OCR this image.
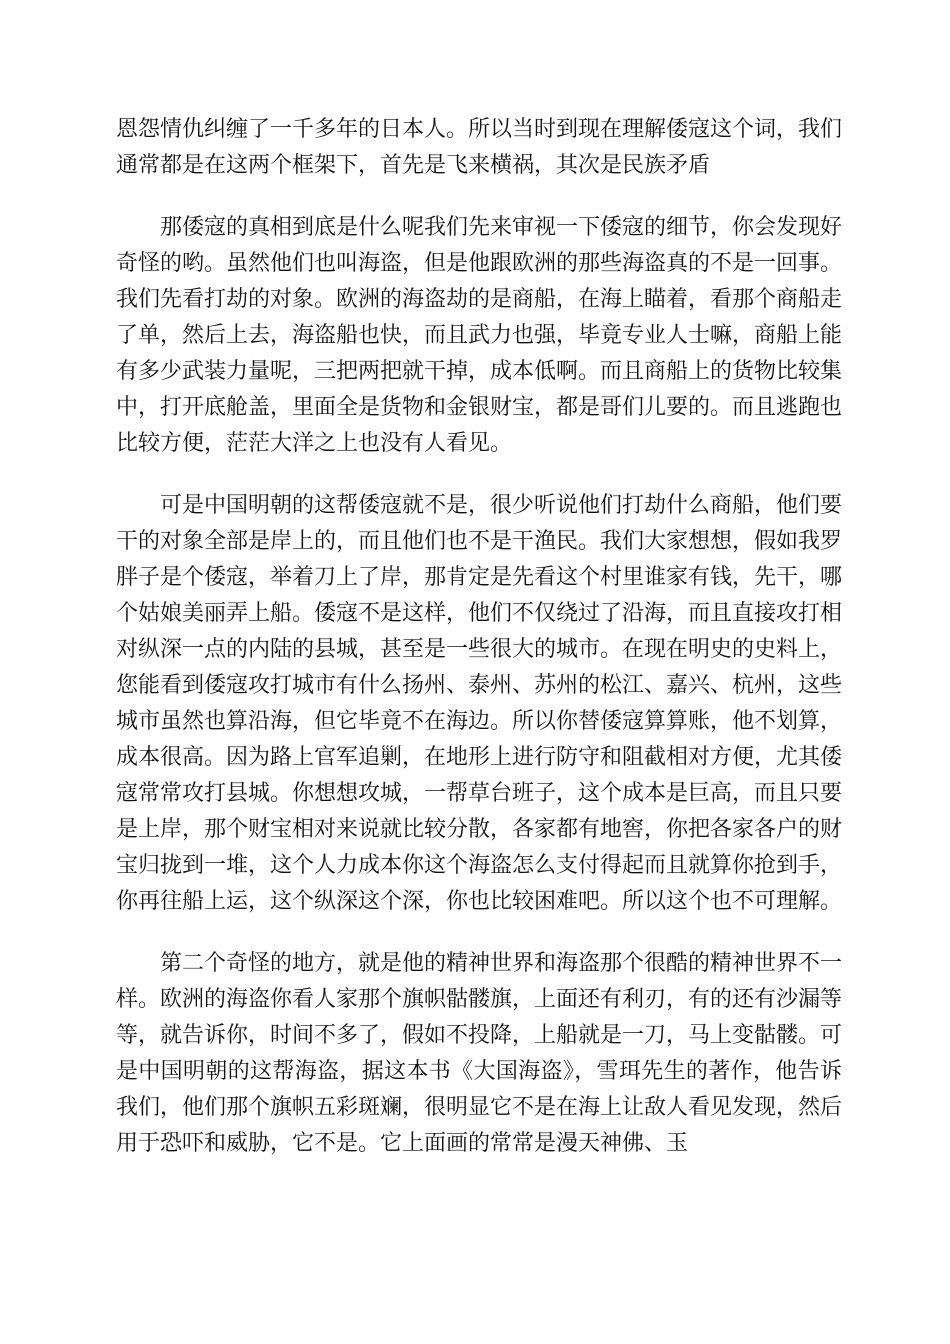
恩怨情仇纠缠了一千多年的日本人。所以当时到现在理解倭寇这个词，我们通常都是在这两个框架下，首先是飞来横祸，其次是民族矛盾

那倭寇的真相到底是什么呢我们先来审视一下倭寇的细节，你会发现好奇怪的哟。虽然他们也叫海盗，但是他跟欧洲的那些海盗真的不是一回事。我们先看打劫的对象。欧洲的海盗劫的是商船，在海上瞄着，看那个商船走了单，然后上去，海盗船也快，而且武力也强，毕竟专业人士嘛，商船上能有多少武装力量呢，三把两把就干掉，成本低啊。而且商船上的货物比较集中，打开底舱盖，里面全是货物和金银财宝，都是哥们儿要的。而且逃跑也比较方便，茫茫大洋之上也没有人看见。

可是中国明朝的这帮倭寇就不是，很少听说他们打劫什么商船，他们要干的对象全部是岸上的，而且他们也不是干渔民。我们大家想想，假如我罗胖子是个倭寇，举着刀上了岸，那肯定是先看这个村里谁家有钱，先干，哪个姑娘美丽弄上船。倭寇不是这样，他们不仅绕过了沿海，而且直接攻打相对纵深一点的内陆的县城，甚至是一些很大的城市。在现在明史的史料上，您能看到倭寇攻打城市有什么扬州、泰州、苏州的松江、嘉兴、杭州，这些城市虽然也算沿海，但它毕竟不在海边。所以你替倭寇算算账，他不划算，成本很高。因为路上官军追剿，在地形上进行防守和阻截相对方便，尤其倭寇常常攻打县城。你想想攻城，一帮草台班子，这个成本是巨高，而且只要是上岸，那个财宝相对来说就比较分散，各家都有地窖，你把各家各户的财宝归拢到一堆，这个人力成本你这个海盗怎么支付得起而且就算你抢到手，你再往船上运，这个纵深这个深，你也比较困难吧。所以这个也不可理解。

第二个奇怪的地方，就是他的精神世界和海盗那个很酷的精神世界不一样。欧洲的海盗你看人家那个旗帜骷髅旗，上面还有利刃，有的还有沙漏等等，就告诉你，时间不多了，假如不投降，上船就是一刀，马上变骷髅。可是中国明朝的这帮海盗，据这本书《大国海盗》，雪珥先生的著作，他告诉我们，他们那个旗帜五彩斑斓，很明显它不是在海上让敌人看见发现，然后用于恐吓和威胁，它不是。它上面画的常常是漫天神佛、玉
